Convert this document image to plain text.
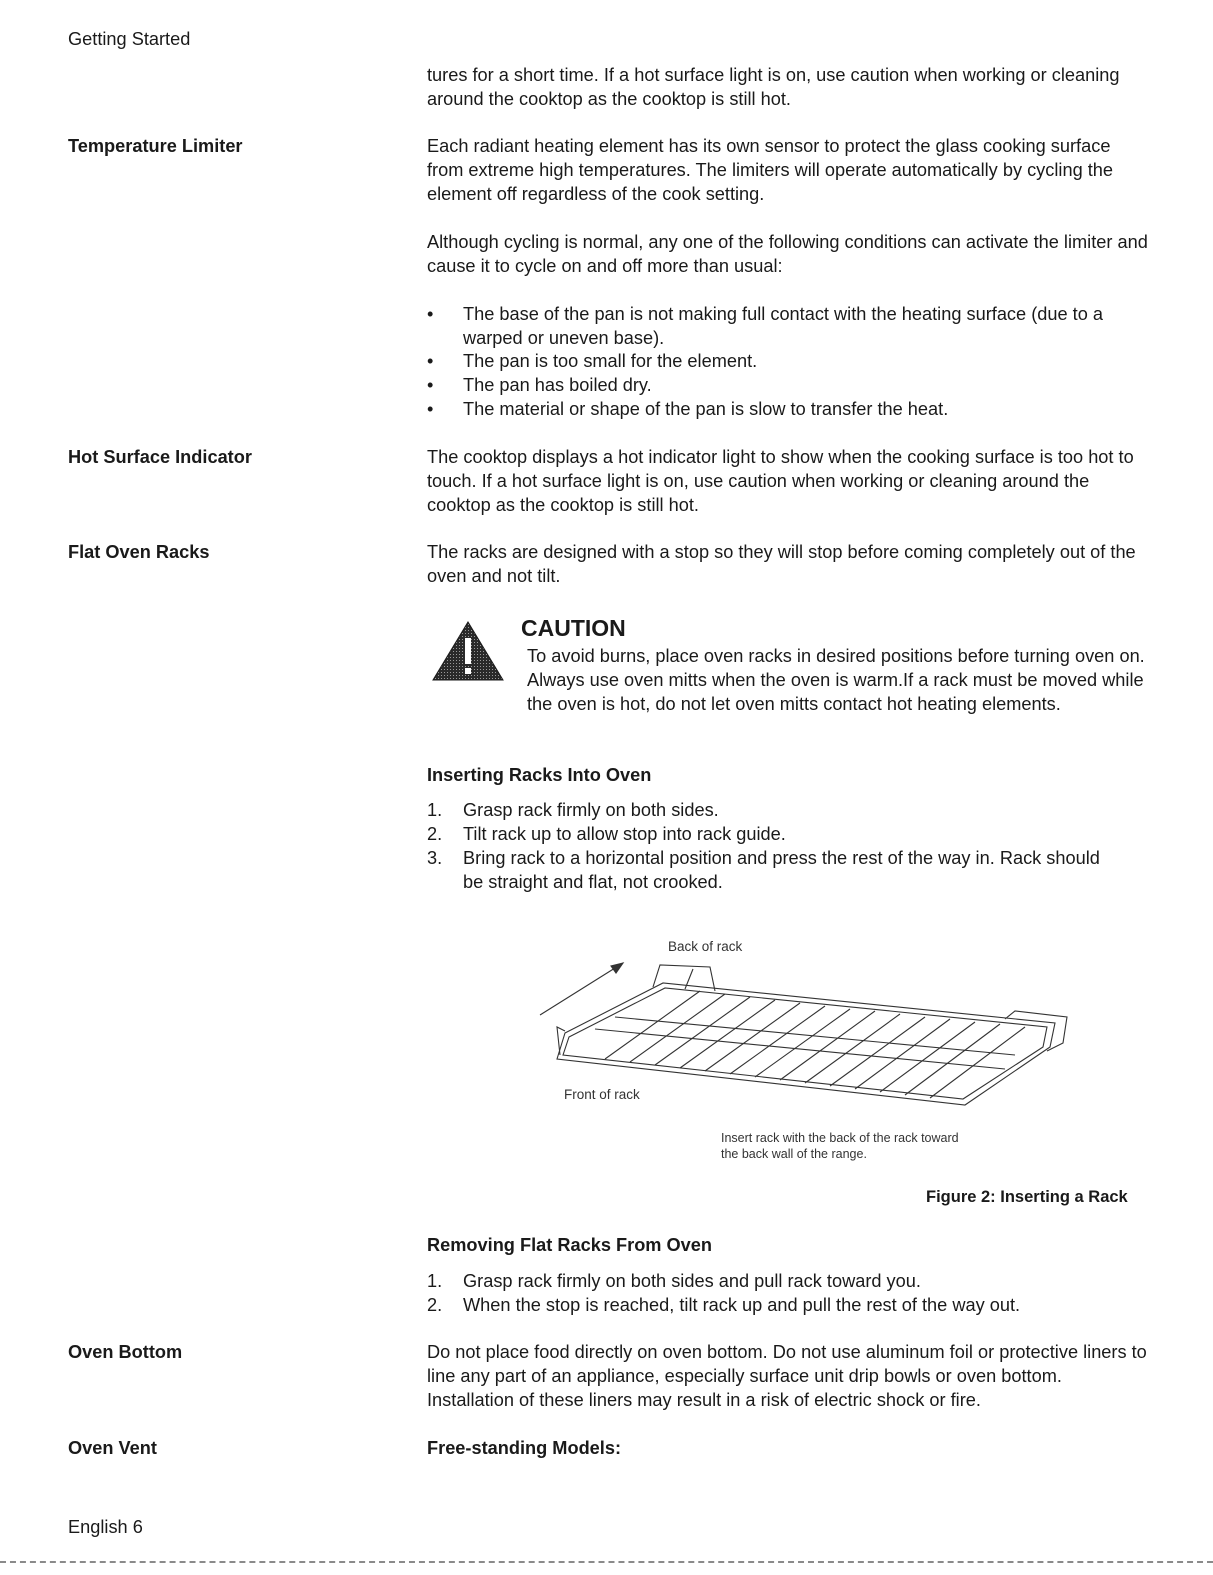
Getting Started
tures for a short time. If a hot surface light is on, use caution when working or cleaning around the cooktop as the cooktop is still hot.
Temperature Limiter	Each radiant heating element has its own sensor to protect the glass cooking surface from extreme high temperatures. The limiters will operate automatically by cycling the element off regardless of the cook setting.
Although cycling is normal, any one of the following conditions can activate the limiter and cause it to cycle on and off more than usual:
• The base of the pan is not making full contact with the heating surface (due to a warped or uneven base).
• The pan is too small for the element.
• The pan has boiled dry.
• The material or shape of the pan is slow to transfer the heat.
Hot Surface Indicator	The cooktop displays a hot indicator light to show when the cooking surface is too hot to touch. If a hot surface light is on, use caution when working or cleaning around the cooktop as the cooktop is still hot.
Flat Oven Racks	The racks are designed with a stop so they will stop before coming completely out of the oven and not tilt.
CAUTION
To avoid burns, place oven racks in desired positions before turning oven on. Always use oven mitts when the oven is warm.If a rack must be moved while the oven is hot, do not let oven mitts contact hot heating elements.
Inserting Racks Into Oven
1. Grasp rack firmly on both sides.
2. Tilt rack up to allow stop into rack guide.
3. Bring rack to a horizontal position and press the rest of the way in. Rack should be straight and flat, not crooked.
Back of rack
Front of rack
Insert rack with the back of the rack toward the back wall of the range.
Figure 2: Inserting a Rack
Removing Flat Racks From Oven
1. Grasp rack firmly on both sides and pull rack toward you.
2. When the stop is reached, tilt rack up and pull the rest of the way out.
Oven Bottom	Do not place food directly on oven bottom. Do not use aluminum foil or protective liners to line any part of an appliance, especially surface unit drip bowls or oven bottom. Installation of these liners may result in a risk of electric shock or fire.
Oven Vent	Free-standing Models:
English 6
